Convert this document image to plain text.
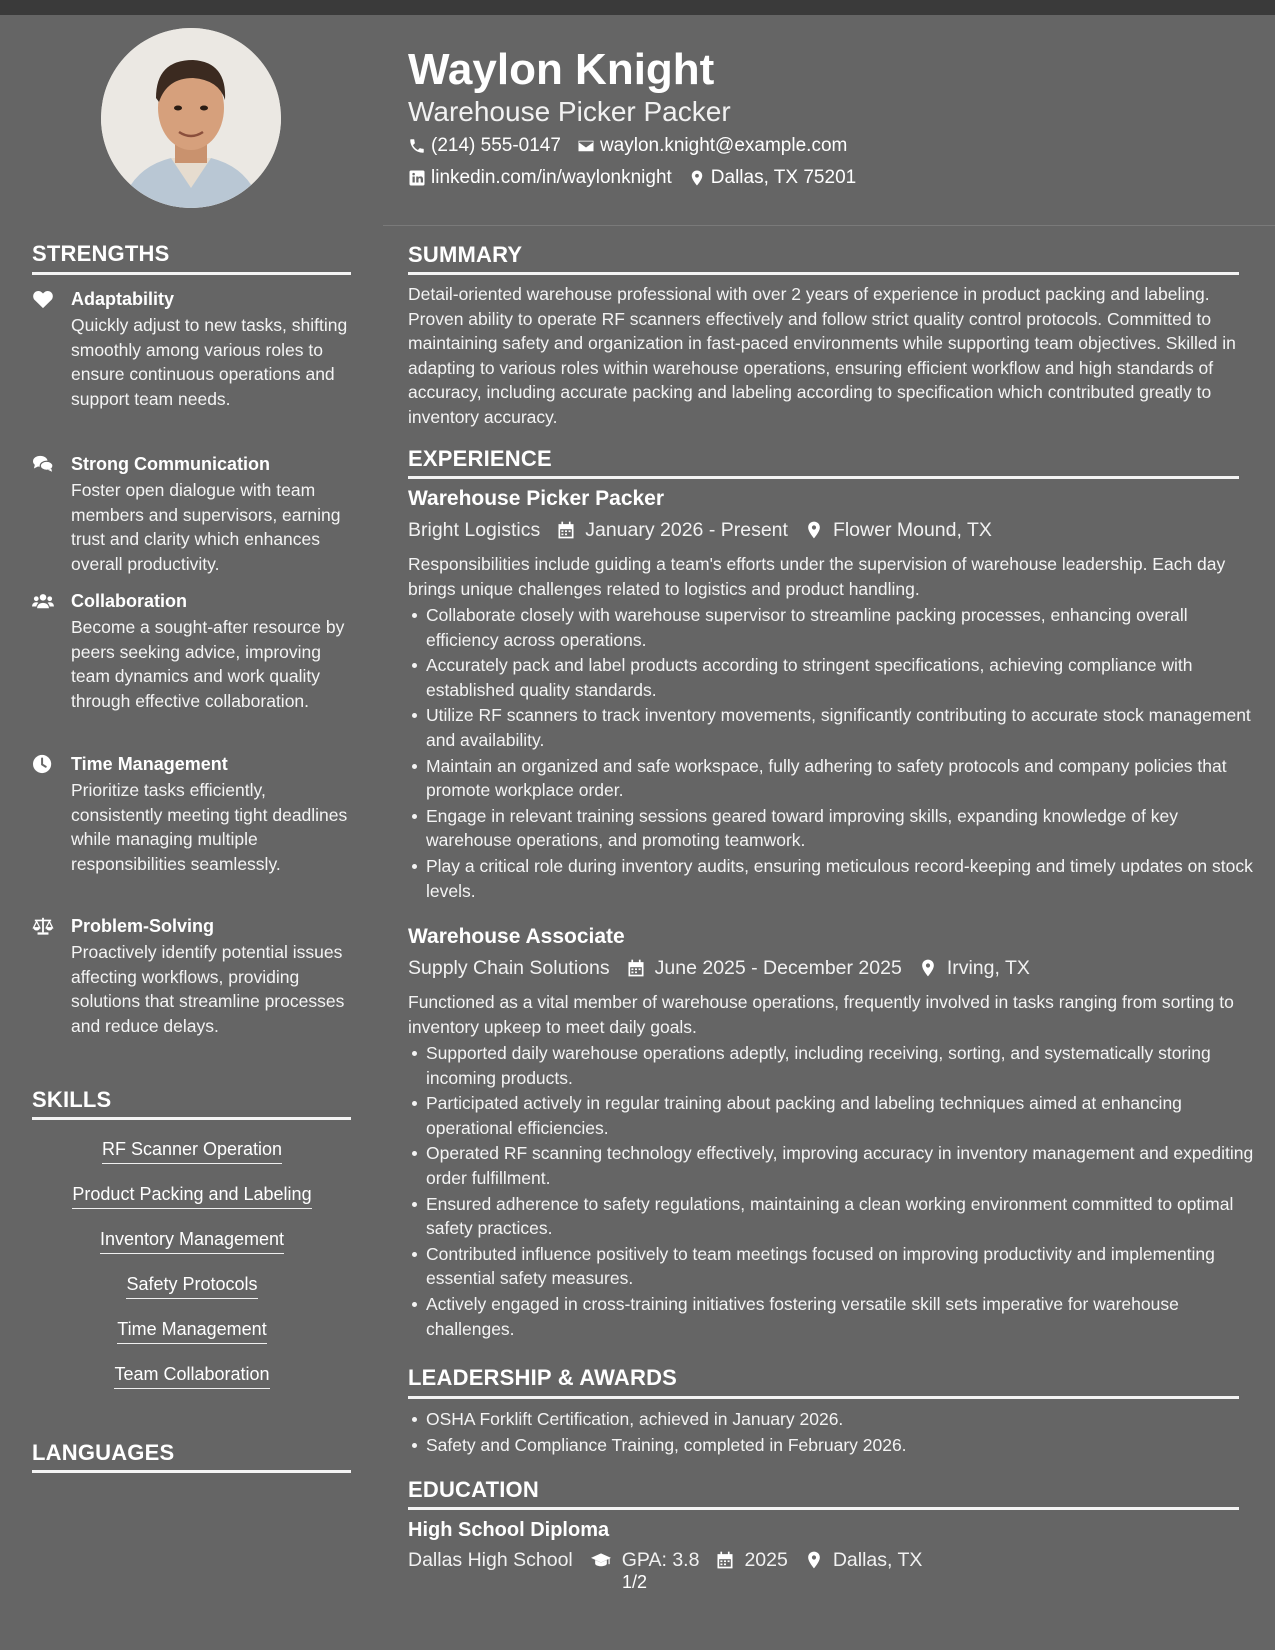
Waylon Knight
Warehouse Picker Packer
(214) 555-0147 waylon.knight@example.com
linkedin.com/in/waylonknight Dallas, TX 75201
STRENGTHS
Adaptability
Quickly adjust to new tasks, shifting smoothly among various roles to ensure continuous operations and support team needs.
Strong Communication
Foster open dialogue with team members and supervisors, earning trust and clarity which enhances overall productivity.
Collaboration
Become a sought-after resource by peers seeking advice, improving team dynamics and work quality through effective collaboration.
Time Management
Prioritize tasks efficiently, consistently meeting tight deadlines while managing multiple responsibilities seamlessly.
Problem-Solving
Proactively identify potential issues affecting workflows, providing solutions that streamline processes and reduce delays.
SKILLS
RF Scanner Operation
Product Packing and Labeling
Inventory Management
Safety Protocols
Time Management
Team Collaboration
LANGUAGES
SUMMARY
Detail-oriented warehouse professional with over 2 years of experience in product packing and labeling. Proven ability to operate RF scanners effectively and follow strict quality control protocols. Committed to maintaining safety and organization in fast-paced environments while supporting team objectives. Skilled in adapting to various roles within warehouse operations, ensuring efficient workflow and high standards of accuracy, including accurate packing and labeling according to specification which contributed greatly to inventory accuracy.
EXPERIENCE
Warehouse Picker Packer
Bright Logistics January 2026 - Present Flower Mound, TX
Responsibilities include guiding a team's efforts under the supervision of warehouse leadership. Each day brings unique challenges related to logistics and product handling.
Collaborate closely with warehouse supervisor to streamline packing processes, enhancing overall efficiency across operations.
Accurately pack and label products according to stringent specifications, achieving compliance with established quality standards.
Utilize RF scanners to track inventory movements, significantly contributing to accurate stock management and availability.
Maintain an organized and safe workspace, fully adhering to safety protocols and company policies that promote workplace order.
Engage in relevant training sessions geared toward improving skills, expanding knowledge of key warehouse operations, and promoting teamwork.
Play a critical role during inventory audits, ensuring meticulous record-keeping and timely updates on stock levels.
Warehouse Associate
Supply Chain Solutions June 2025 - December 2025 Irving, TX
Functioned as a vital member of warehouse operations, frequently involved in tasks ranging from sorting to inventory upkeep to meet daily goals.
Supported daily warehouse operations adeptly, including receiving, sorting, and systematically storing incoming products.
Participated actively in regular training about packing and labeling techniques aimed at enhancing operational efficiencies.
Operated RF scanning technology effectively, improving accuracy in inventory management and expediting order fulfillment.
Ensured adherence to safety regulations, maintaining a clean working environment committed to optimal safety practices.
Contributed influence positively to team meetings focused on improving productivity and implementing essential safety measures.
Actively engaged in cross-training initiatives fostering versatile skill sets imperative for warehouse challenges.
LEADERSHIP & AWARDS
OSHA Forklift Certification, achieved in January 2026.
Safety and Compliance Training, completed in February 2026.
EDUCATION
High School Diploma
Dallas High School	GPA: 3.8 2025 Dallas, TX
1/2
